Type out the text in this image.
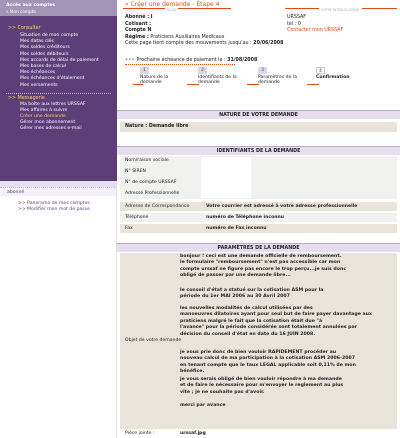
Accès aux comptes
» Mon compte
>> Consulter
Situation de mon compte
Mes datas clés
Mes soldes créditeurs
Mes soldes débiteurs
Mes accords de délai de paiement
Mes bases de calcul
Mes échéances
Mes échéances d'étalement
Mes versements
>> Messagerie
Ma boîte aux lettres URSSAF
Mes affaires à suivre
Créer une demande
Gérer mon abonnement
Gérer mes adresses e-mail
abonné
>> Panorama de mes comptes
>> Modifier mon mot de passe
» Créer une demande - Étape 4
VOUS	VOTRE INTERLOCUTEUR
Abonné : I
Cotisant :
Compte N
Régime : Praticiens Auxiliaires Médicaux
Cette page tient compte des mouvements jusqu'au : 20/06/2008
URSSAF
tel : 0
Contacter mon URSSAF
••• Prochaine échéance de paiement le : 31/08/2008
1
Nature de la
demande
2
Identifiants de la
demande
3
Paramètres de la
demande
4
Confirmation
NATURE DE VOTRE DEMANDE
Nature : Demande libre
IDENTIFIANTS DE LA DEMANDE
Nom/raison sociale
N° SIREN
N° de compte URSSAF
Adresse Professionnelle
Adresse de Correspondance	Votre courrier est adressé à votre adresse professionnelle
Téléphone	numéro de Téléphone inconnu
Fax	numéro de Fax inconnu
PARAMÈTRES DE LA DEMANDE
Objet de votre demande
bonjour ! ceci est une demande officielle de remboursement.
le formulaire "remboursement" n'est pas accessible car mon
compte urssaf ne figure pas encore le trop perçu...je suis donc
obligé de passer par une demande libre...
le conseil d'état a statué sur la cotisation ASM pour la
période du 1er MAI 2006 au 30 Avril 2007
les nouvelles modalités de calcul utilisées par des
manoeuvres dilatoires ayant pour seul but de faire payer davantage aux
praticiens malgré le fait que la cotisation était due "à
l'avance" pour la période considérée sont totalement annulées par
décision du conseil d'état en date du 16 JUIN 2008.
je vous prie donc de bien vouloir RAPIDEMENT procéder au
nouveau calcul de ma participation à la cotisation ASM 2006-2007
en tenant compte que le taux LEGAL applicable soit 0,11% de mon
bénéfice.
je vous serais obligé de bien vouloir répondre à ma demande
et de faire le nécessaire pour m'envoyer le reglement au plus
vite ; je ne souhaite pas d'avoir.
merci par avance
Pièce jointe :	urssaf.jpg
